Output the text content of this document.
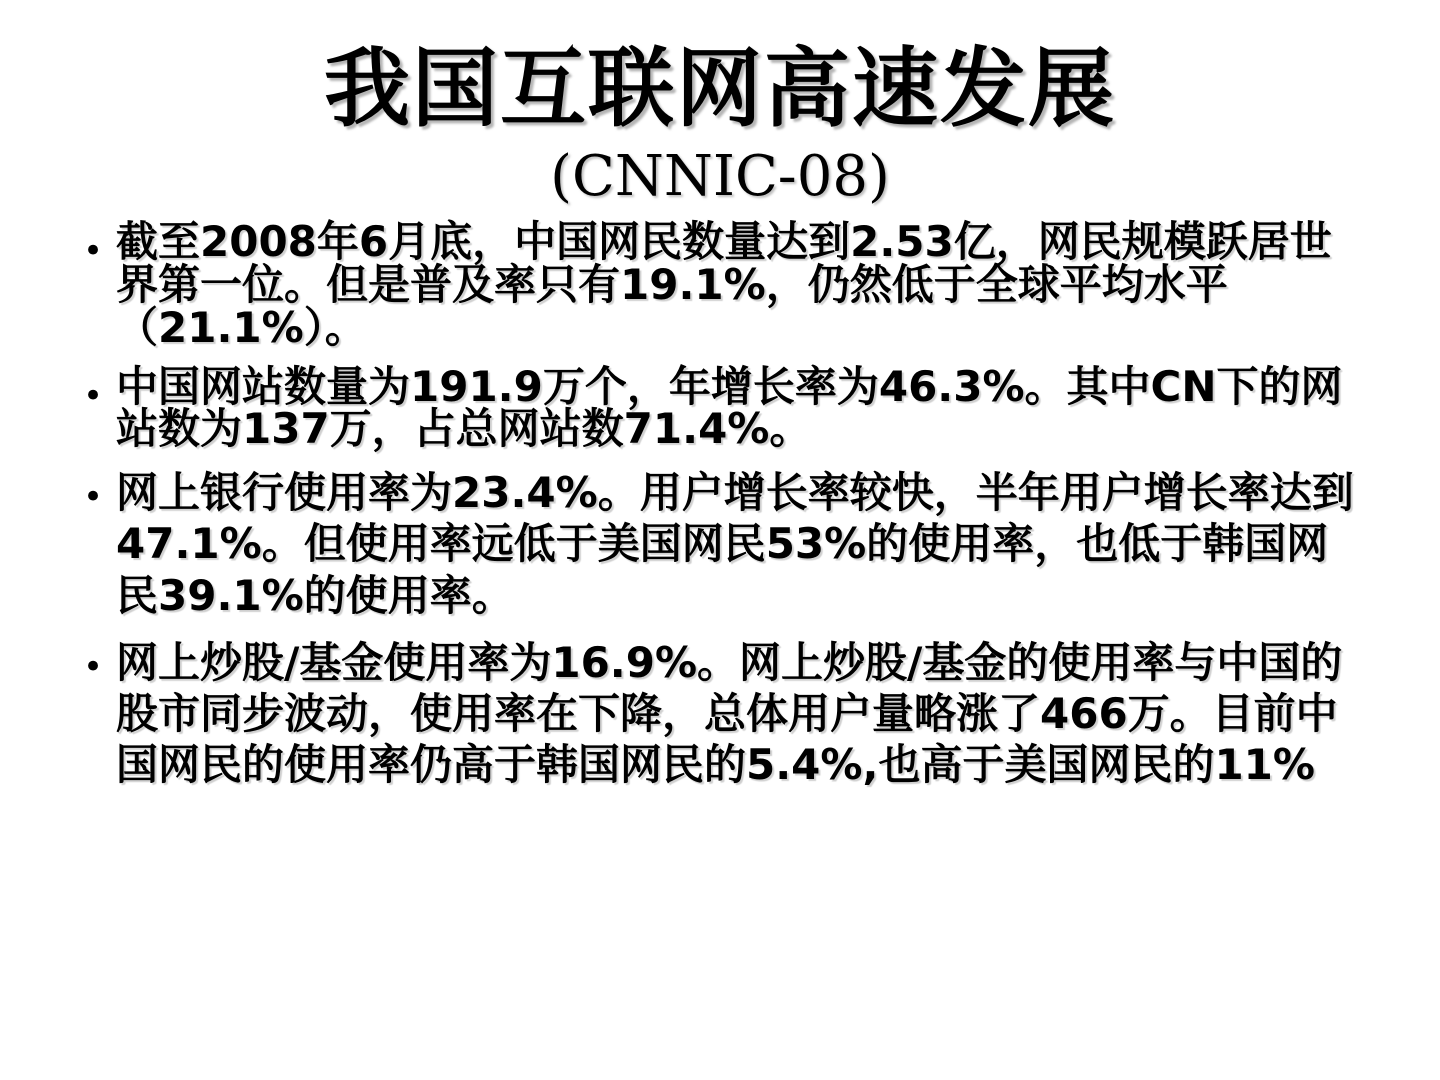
我国互联网高速发展
(CNNIC-08)
• 截至2008年6月底，中国网民数量达到2.53亿，网民规模跃居世界第一位。但是普及率只有19.1%，仍然低于全球平均水平（21.1%）。
• 中国网站数量为191.9万个，年增长率为46.3%。其中CN下的网站数为137万，占总网站数71.4%。
• 网上银行使用率为23.4%。用户增长率较快，半年用户增长率达到47.1%。但使用率远低于美国网民53%的使用率，也低于韩国网民39.1%的使用率。
• 网上炒股/基金使用率为16.9%。网上炒股/基金的使用率与中国的股市同步波动，使用率在下降，总体用户量略涨了466万。目前中国网民的使用率仍高于韩国网民的5.4%,也高于美国网民的11%
